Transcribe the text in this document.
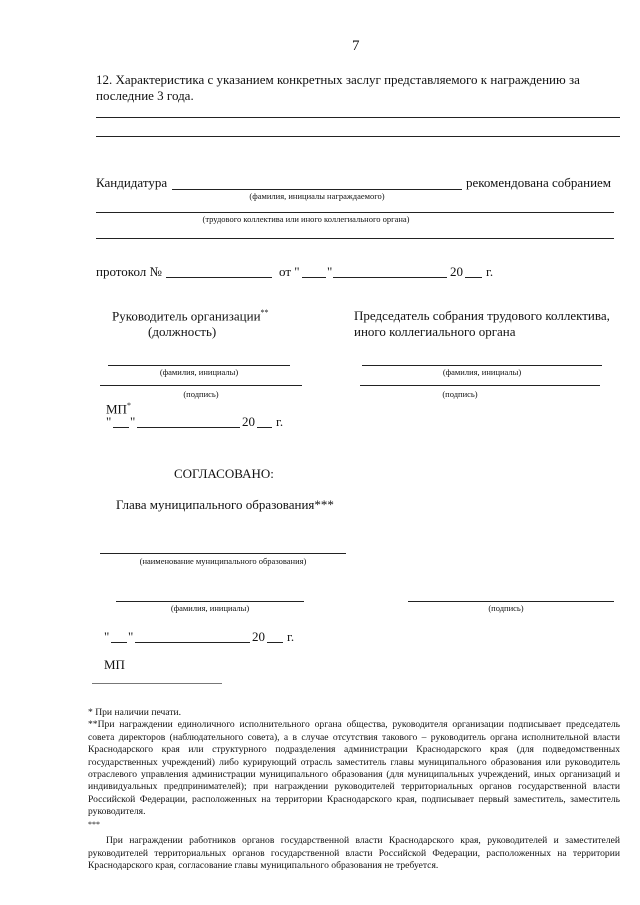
7
12. Характеристика с указанием конкретных заслуг представляемого к награждению за
последние 3 года.
Кандидатура	рекомендована собранием
(фамилия, инициалы награждаемого)
(трудового коллектива или иного коллегиального органа)
протокол №	от " "	20 г.
Руководитель организации**
(должность)
Председатель собрания трудового коллектива,
иного коллегиального органа
(фамилия, инициалы)
(подпись)
(фамилия, инициалы)
(подпись)
МП*
" "	20 г.
СОГЛАСОВАНО:
Глава муниципального образования***
(наименование муниципального образования)
(фамилия, инициалы)	(подпись)
" "	20 г.
МП

* При наличии печати.

**При награждении единоличного исполнительного органа общества, руководителя организации подписывает председатель совета директоров (наблюдательного совета), а в случае отсутствия такового – руководитель органа исполнительной власти Краснодарского края или структурного подразделения администрации Краснодарского края (для подведомственных государственных учреждений) либо курирующий отрасль заместитель главы муниципального образования или руководитель отраслевого управления администрации муниципального образования (для муниципальных учреждений, иных организаций и индивидуальных предпринимателей); при награждении руководителей территориальных органов государственной власти Российской Федерации, расположенных на территории Краснодарского края, подписывает первый заместитель, заместитель руководителя.

***
При награждении работников органов государственной власти Краснодарского края, руководителей и заместителей руководителей территориальных органов государственной власти Российской Федерации, расположенных на территории Краснодарского края, согласование главы муниципального образования не требуется.
